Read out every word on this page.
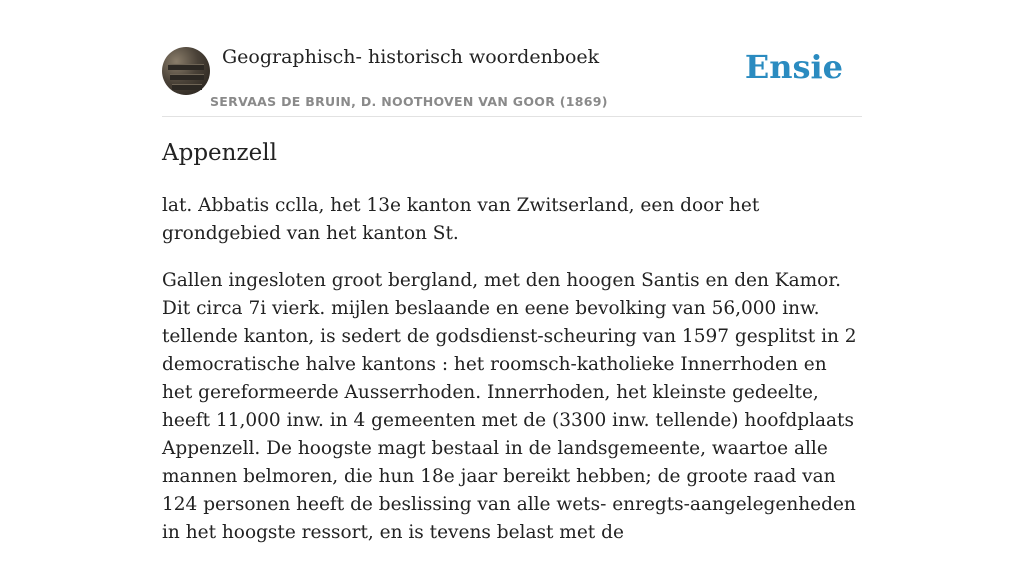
Geographisch- historisch woordenboek
SERVAAS DE BRUIN, D. NOOTHOVEN VAN GOOR (1869)
Ensie
Appenzell

lat. Abbatis cclla, het 13e kanton van Zwitserland, een door het grondgebied van het kanton St.

Gallen ingesloten groot bergland, met den hoogen Santis en den Kamor. Dit circa 7i vierk. mijlen beslaande en eene bevolking van 56,000 inw. tellende kanton, is sedert de godsdienst-scheuring van 1597 gesplitst in 2 democratische halve kantons : het roomsch-katholieke Innerrhoden en het gereformeerde Ausserrhoden. Innerrhoden, het kleinste gedeelte, heeft 11,000 inw. in 4 gemeenten met de (3300 inw. tellende) hoofdplaats Appenzell. De hoogste magt bestaal in de landsgemeente, waartoe alle mannen belmoren, die hun 18e jaar bereikt hebben; de groote raad van 124 personen heeft de beslissing van alle wets- enregts-aangelegenheden in het hoogste ressort, en is tevens belast met de
